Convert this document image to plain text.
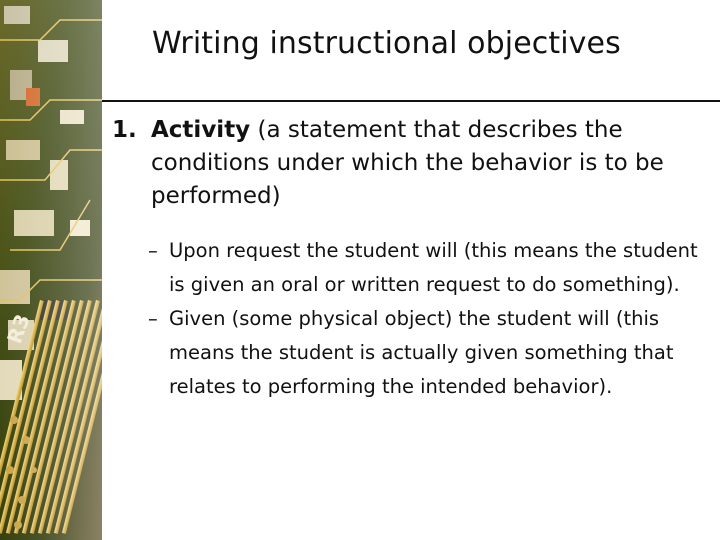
Writing instructional objectives
1. Activity (a statement that describes the conditions under which the behavior is to be performed)

– Upon request the student will (this means the student is given an oral or written request to do something).

– Given (some physical object) the student will (this means the student is actually given something that relates to performing the intended behavior).
